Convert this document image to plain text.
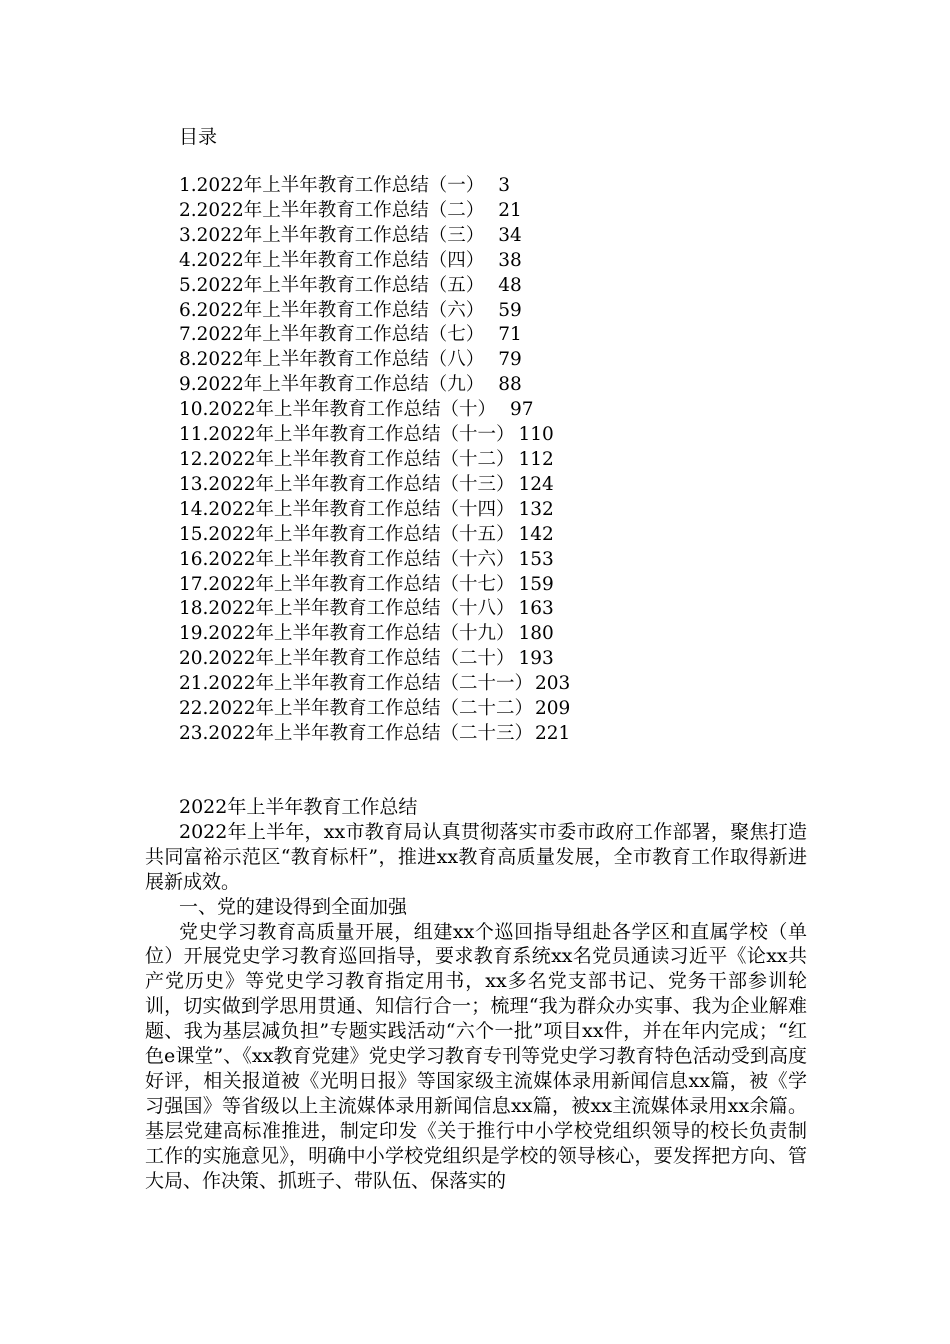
目录
1.2022年上半年教育工作总结（一） 3
2.2022年上半年教育工作总结（二） 21
3.2022年上半年教育工作总结（三） 34
4.2022年上半年教育工作总结（四） 38
5.2022年上半年教育工作总结（五） 48
6.2022年上半年教育工作总结（六） 59
7.2022年上半年教育工作总结（七） 71
8.2022年上半年教育工作总结（八） 79
9.2022年上半年教育工作总结（九） 88
10.2022年上半年教育工作总结（十） 97
11.2022年上半年教育工作总结（十一） 110
12.2022年上半年教育工作总结（十二） 112
13.2022年上半年教育工作总结（十三） 124
14.2022年上半年教育工作总结（十四） 132
15.2022年上半年教育工作总结（十五） 142
16.2022年上半年教育工作总结（十六） 153
17.2022年上半年教育工作总结（十七） 159
18.2022年上半年教育工作总结（十八） 163
19.2022年上半年教育工作总结（十九） 180
20.2022年上半年教育工作总结（二十） 193
21.2022年上半年教育工作总结（二十一） 203
22.2022年上半年教育工作总结（二十二） 209
23.2022年上半年教育工作总结（二十三） 221
2022年上半年教育工作总结

2022年上半年，xx市教育局认真贯彻落实市委市政府工作部署，聚焦打造共同富裕示范区“教育标杆”，推进xx教育高质量发展，全市教育工作取得新进展新成效。

一、党的建设得到全面加强

党史学习教育高质量开展，组建xx个巡回指导组赴各学区和直属学校（单位）开展党史学习教育巡回指导，要求教育系统xx名党员通读习近平《论xx共产党历史》等党史学习教育指定用书，xx多名党支部书记、党务干部参训轮训，切实做到学思用贯通、知信行合一；梳理“我为群众办实事、我为企业解难题、我为基层减负担”专题实践活动“六个一批”项目xx件，并在年内完成；“红色e课堂”、《xx教育党建》党史学习教育专刊等党史学习教育特色活动受到高度好评，相关报道被《光明日报》等国家级主流媒体录用新闻信息xx篇，被《学习强国》等省级以上主流媒体录用新闻信息xx篇，被xx主流媒体录用xx余篇。基层党建高标准推进，制定印发《关于推行中小学校党组织领导的校长负责制工作的实施意见》，明确中小学校党组织是学校的领导核心，要发挥把方向、管大局、作决策、抓班子、带队伍、保落实的
